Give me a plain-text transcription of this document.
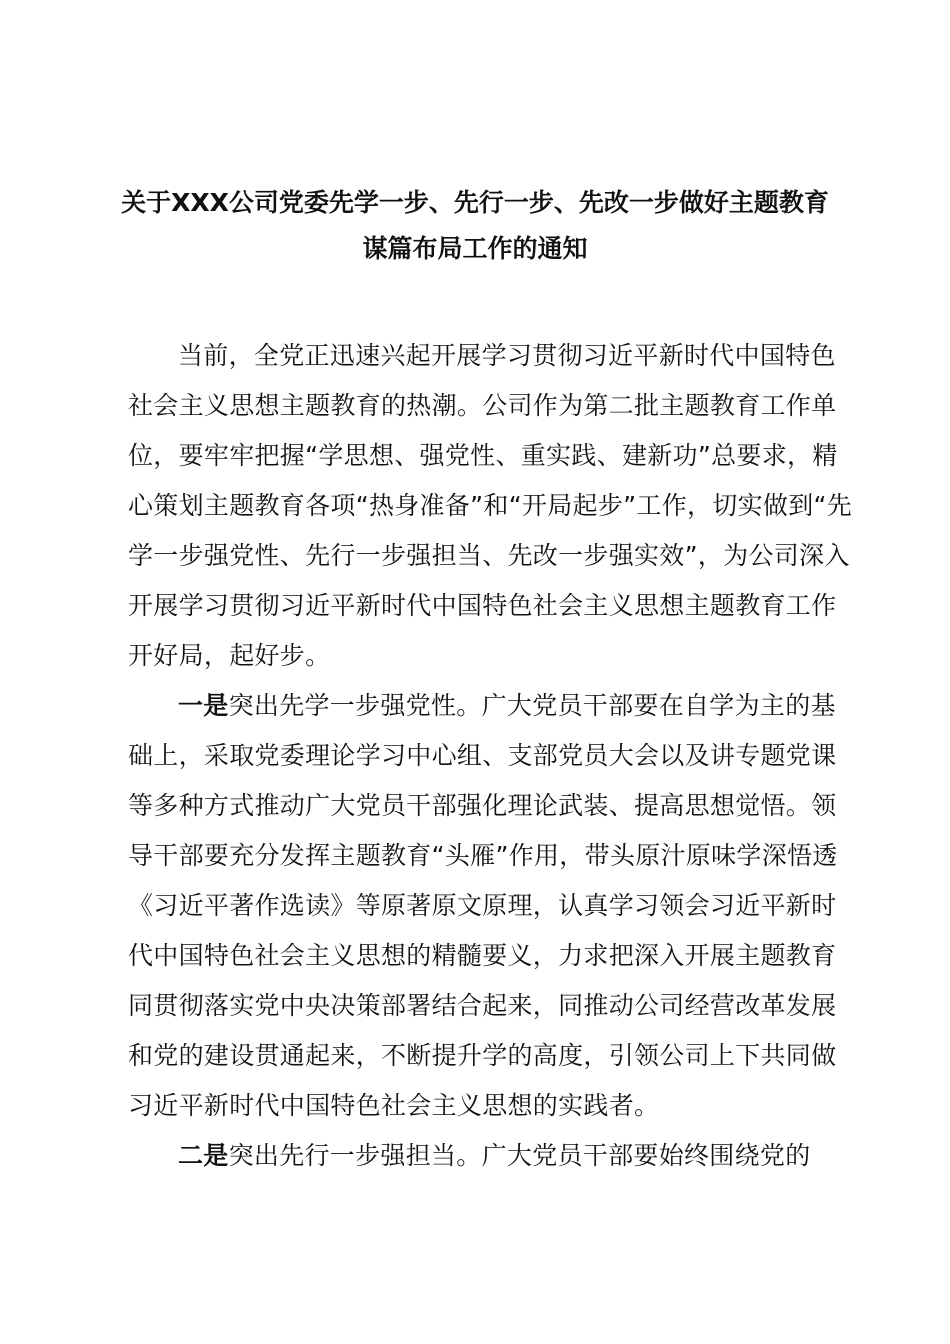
关于XXX公司党委先学一步、先行一步、先改一步做好主题教育
谋篇布局工作的通知
当前，全党正迅速兴起开展学习贯彻习近平新时代中国特色
社会主义思想主题教育的热潮。公司作为第二批主题教育工作单
位，要牢牢把握“学思想、强党性、重实践、建新功”总要求，精
心策划主题教育各项“热身准备”和“开局起步”工作，切实做到“先
学一步强党性、先行一步强担当、先改一步强实效”，为公司深入
开展学习贯彻习近平新时代中国特色社会主义思想主题教育工作
开好局，起好步。
一是突出先学一步强党性。广大党员干部要在自学为主的基
础上，采取党委理论学习中心组、支部党员大会以及讲专题党课
等多种方式推动广大党员干部强化理论武装、提高思想觉悟。领
导干部要充分发挥主题教育“头雁”作用，带头原汁原味学深悟透
《习近平著作选读》等原著原文原理，认真学习领会习近平新时
代中国特色社会主义思想的精髓要义，力求把深入开展主题教育
同贯彻落实党中央决策部署结合起来，同推动公司经营改革发展
和党的建设贯通起来，不断提升学的高度，引领公司上下共同做
习近平新时代中国特色社会主义思想的实践者。
二是突出先行一步强担当。广大党员干部要始终围绕党的
